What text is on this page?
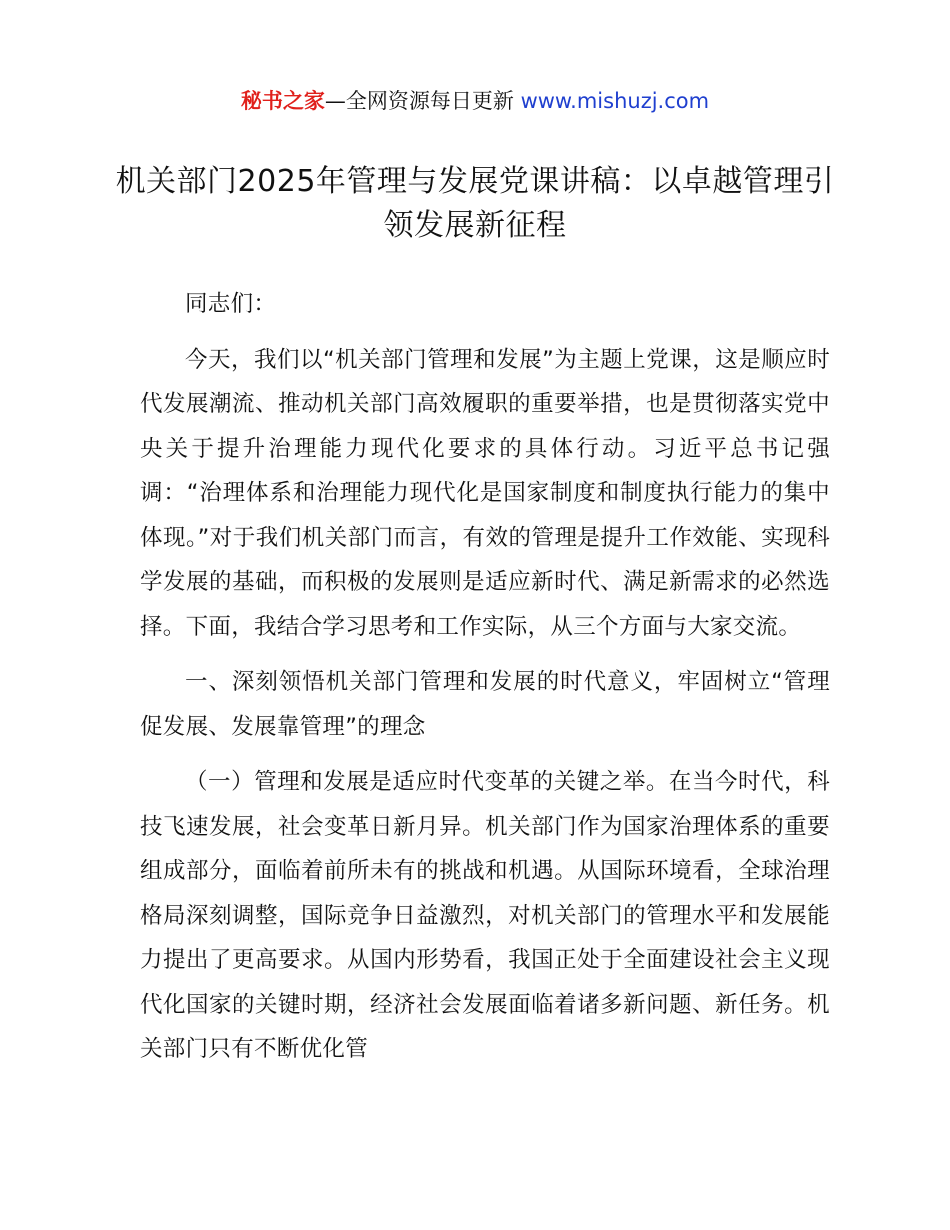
秘书之家—全网资源每日更新 www.mishuzj.com
机关部门2025年管理与发展党课讲稿：以卓越管理引领发展新征程

同志们：

今天，我们以“机关部门管理和发展”为主题上党课，这是顺应时代发展潮流、推动机关部门高效履职的重要举措，也是贯彻落实党中央关于提升治理能力现代化要求的具体行动。习近平总书记强调：“治理体系和治理能力现代化是国家制度和制度执行能力的集中体现。”对于我们机关部门而言，有效的管理是提升工作效能、实现科学发展的基础，而积极的发展则是适应新时代、满足新需求的必然选择。下面，我结合学习思考和工作实际，从三个方面与大家交流。

一、深刻领悟机关部门管理和发展的时代意义，牢固树立“管理促发展、发展靠管理”的理念

（一）管理和发展是适应时代变革的关键之举。在当今时代，科技飞速发展，社会变革日新月异。机关部门作为国家治理体系的重要组成部分，面临着前所未有的挑战和机遇。从国际环境看，全球治理格局深刻调整，国际竞争日益激烈，对机关部门的管理水平和发展能力提出了更高要求。从国内形势看，我国正处于全面建设社会主义现代化国家的关键时期，经济社会发展面临着诸多新问题、新任务。机关部门只有不断优化管
